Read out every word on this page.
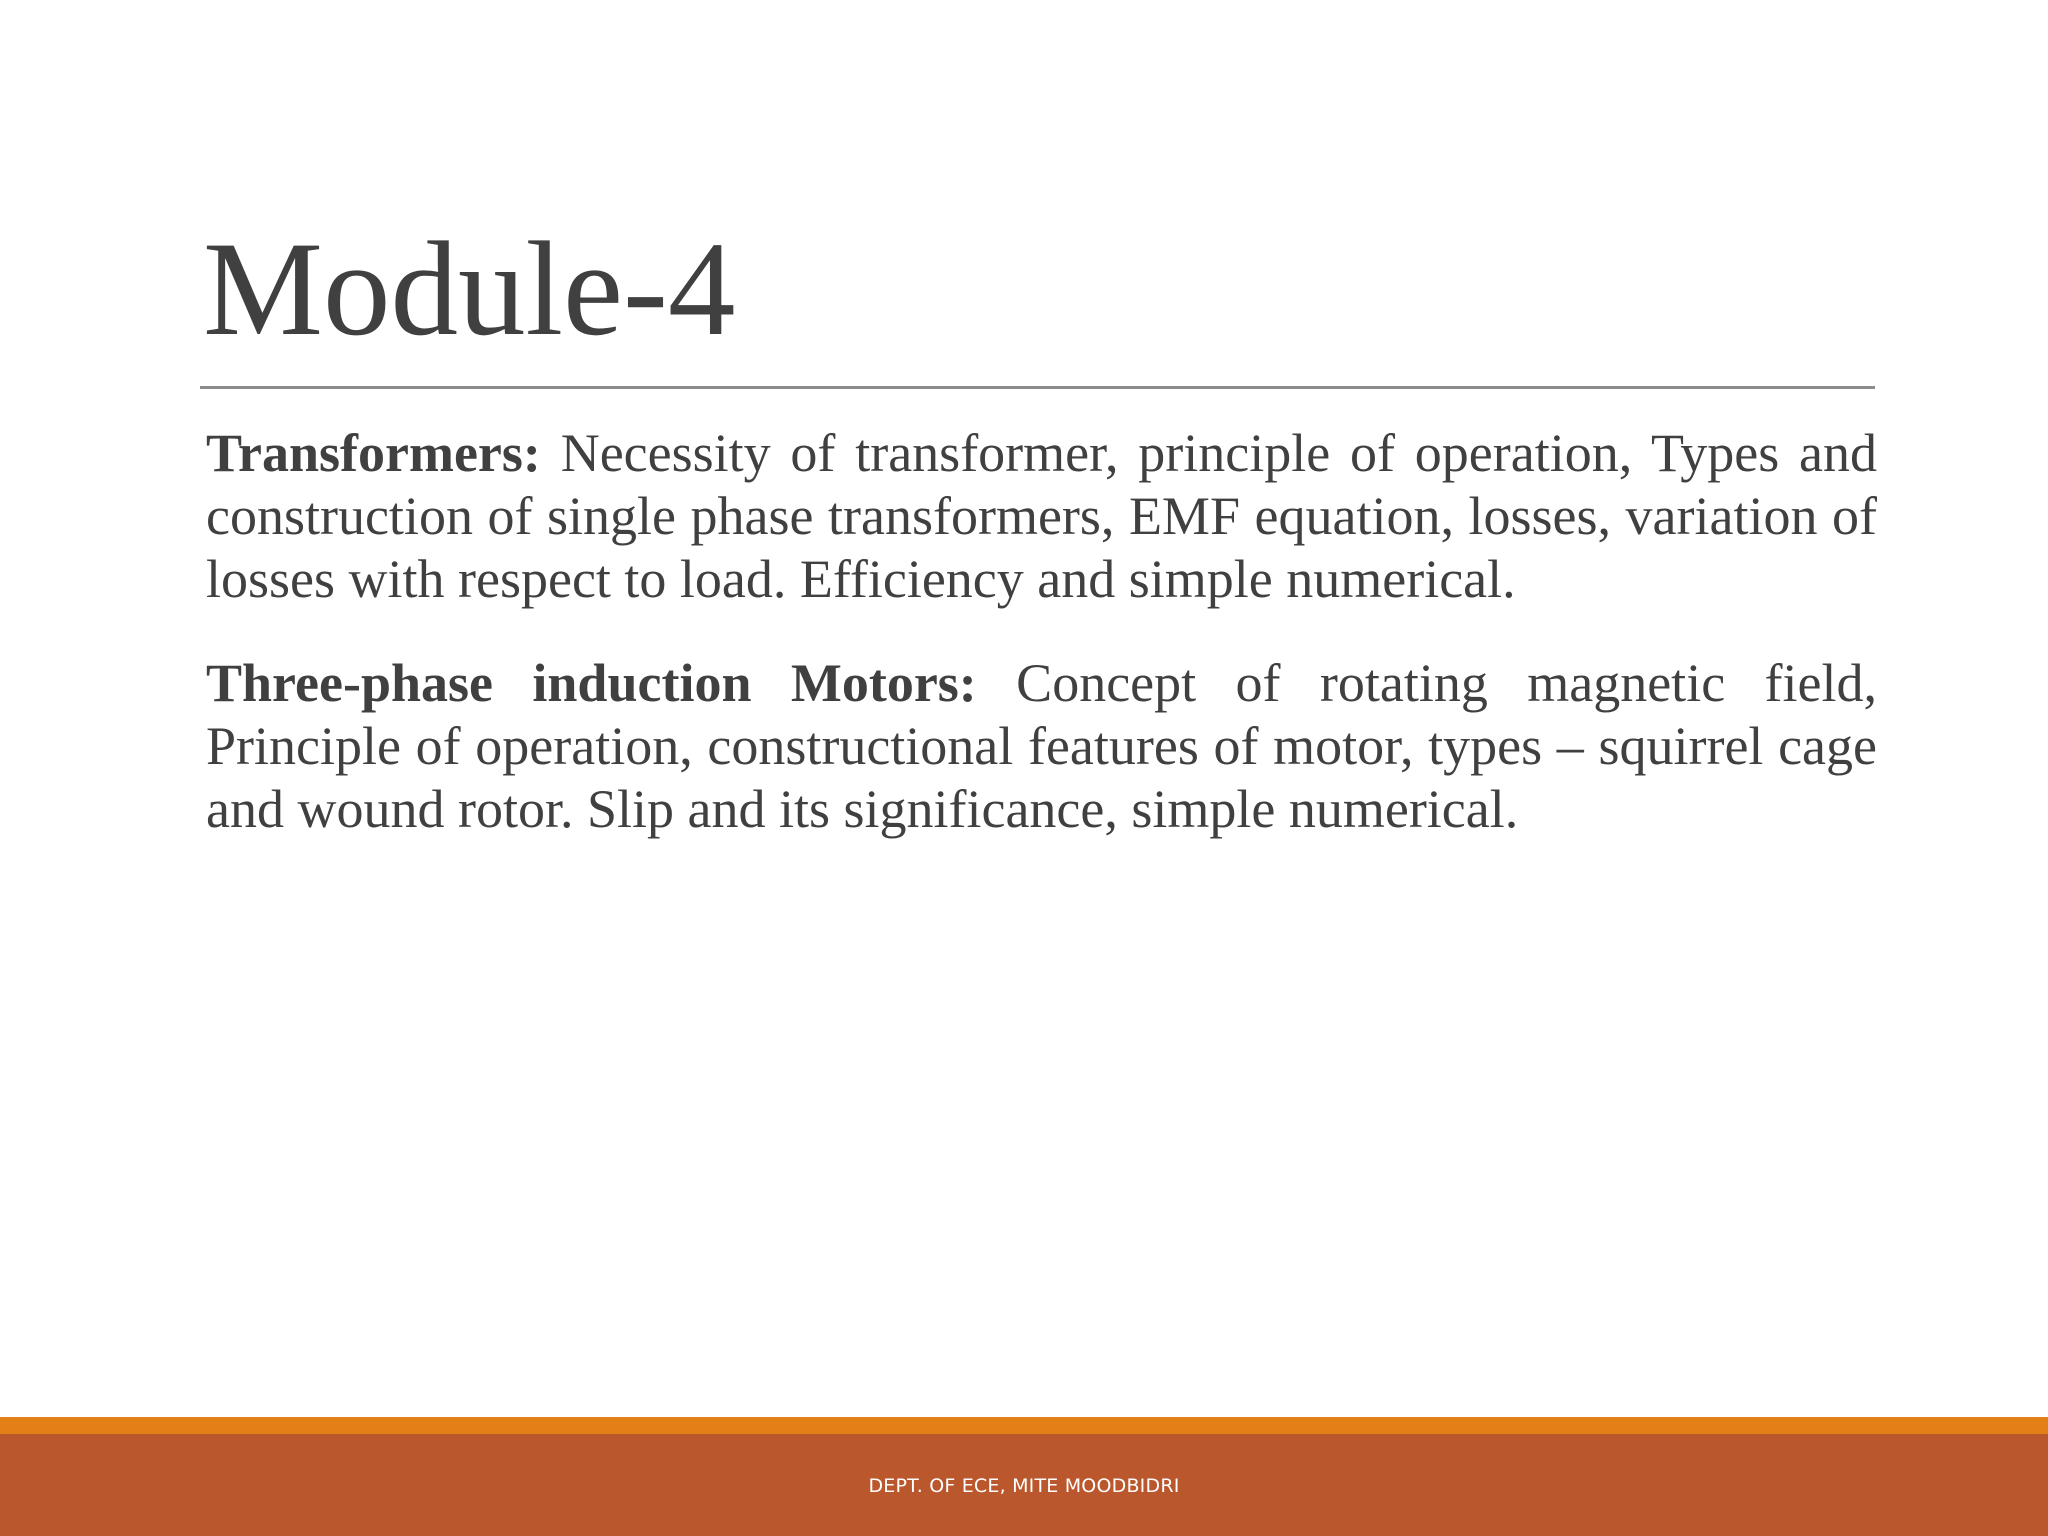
Module-4

Transformers: Necessity of transformer, principle of operation, Types and construction of single phase transformers, EMF equation, losses, variation of losses with respect to load. Efficiency and simple numerical.

Three-phase induction Motors: Concept of rotating magnetic field, Principle of operation, constructional features of motor, types – squirrel cage and wound rotor. Slip and its significance, simple numerical.

DEPT. OF ECE, MITE MOODBIDRI
